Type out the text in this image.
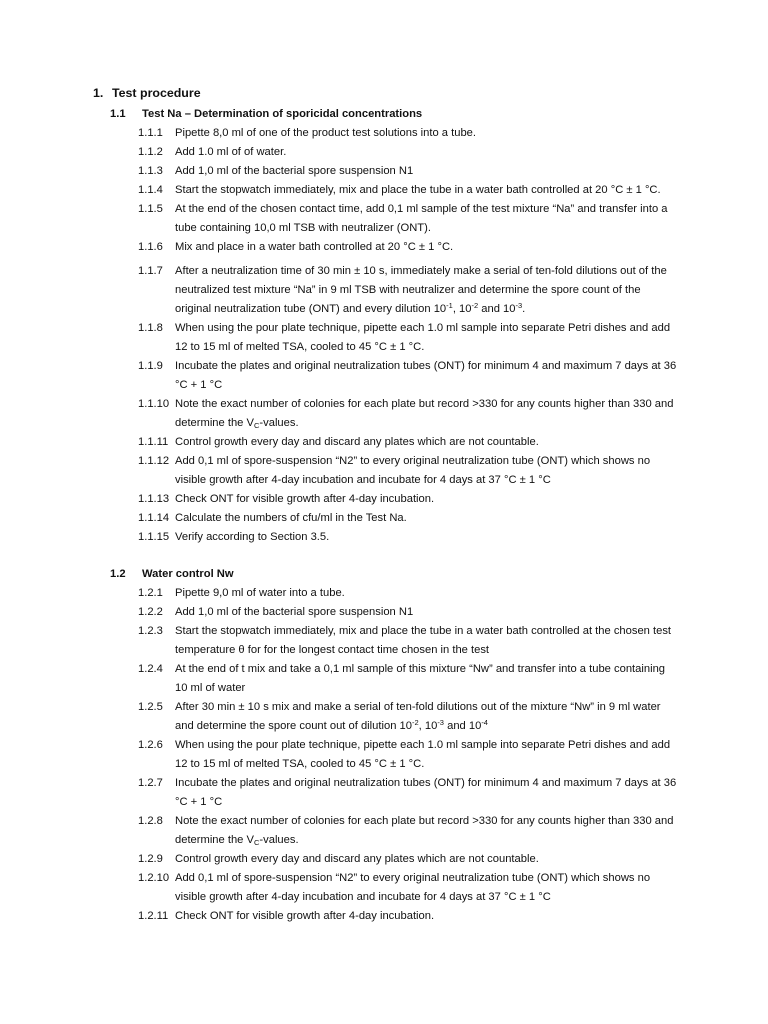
1. Test procedure
1.1 Test Na – Determination of sporicidal concentrations
1.1.1	Pipette 8,0 ml of one of the product test solutions into a tube.
1.1.2	Add 1.0 ml of of water.
1.1.3	Add 1,0 ml of the bacterial spore suspension N1
1.1.4	Start the stopwatch immediately, mix and place the tube in a water bath controlled at 20 °C ± 1 °C.
1.1.5	At the end of the chosen contact time, add 0,1 ml sample of the test mixture “Na” and transfer into a tube containing 10,0 ml TSB with neutralizer (ONT).
1.1.6	Mix and place in a water bath controlled at 20 °C ± 1 °C.
1.1.7	After a neutralization time of 30 min ± 10 s, immediately make a serial of ten-fold dilutions out of the neutralized test mixture “Na” in 9 ml TSB with neutralizer and determine the spore count of the original neutralization tube (ONT) and every dilution $10^{-1}$, $10^{-2}$ and $10^{-3}$.
1.1.8	When using the pour plate technique, pipette each 1.0 ml sample into separate Petri dishes and add 12 to 15 ml of melted TSA, cooled to 45 °C ± 1 °C.
1.1.9	Incubate the plates and original neutralization tubes (ONT) for minimum 4 and maximum 7 days at 36 °C + 1 °C
1.1.10 Note the exact number of colonies for each plate but record >330 for any counts higher than 330 and determine the $V_C$-values.
1.1.11 Control growth every day and discard any plates which are not countable.
1.1.12 Add 0,1 ml of spore-suspension “N2” to every original neutralization tube (ONT) which shows no visible growth after 4-day incubation and incubate for 4 days at 37 °C ± 1 °C
1.1.13 Check ONT for visible growth after 4-day incubation.
1.1.14 Calculate the numbers of cfu/ml in the Test Na.
1.1.15 Verify according to Section 3.5.
1.2 Water control Nw
1.2.1	Pipette 9,0 ml of water into a tube.
1.2.2	Add 1,0 ml of the bacterial spore suspension N1
1.2.3	Start the stopwatch immediately, mix and place the tube in a water bath controlled at the chosen test temperature θ for for the longest contact time chosen in the test
1.2.4	At the end of t mix and take a 0,1 ml sample of this mixture “Nw” and transfer into a tube containing 10 ml of water
1.2.5	After 30 min ± 10 s mix and make a serial of ten-fold dilutions out of the mixture “Nw” in 9 ml water and determine the spore count out of dilution $10^{-2}$, $10^{-3}$ and $10^{-4}$
1.2.6	When using the pour plate technique, pipette each 1.0 ml sample into separate Petri dishes and add 12 to 15 ml of melted TSA, cooled to 45 °C ± 1 °C.
1.2.7	Incubate the plates and original neutralization tubes (ONT) for minimum 4 and maximum 7 days at 36 °C + 1 °C
1.2.8	Note the exact number of colonies for each plate but record >330 for any counts higher than 330 and determine the $V_C$-values.
1.2.9	Control growth every day and discard any plates which are not countable.
1.2.10 Add 0,1 ml of spore-suspension “N2” to every original neutralization tube (ONT) which shows no visible growth after 4-day incubation and incubate for 4 days at 37 °C ± 1 °C
1.2.11 Check ONT for visible growth after 4-day incubation.
